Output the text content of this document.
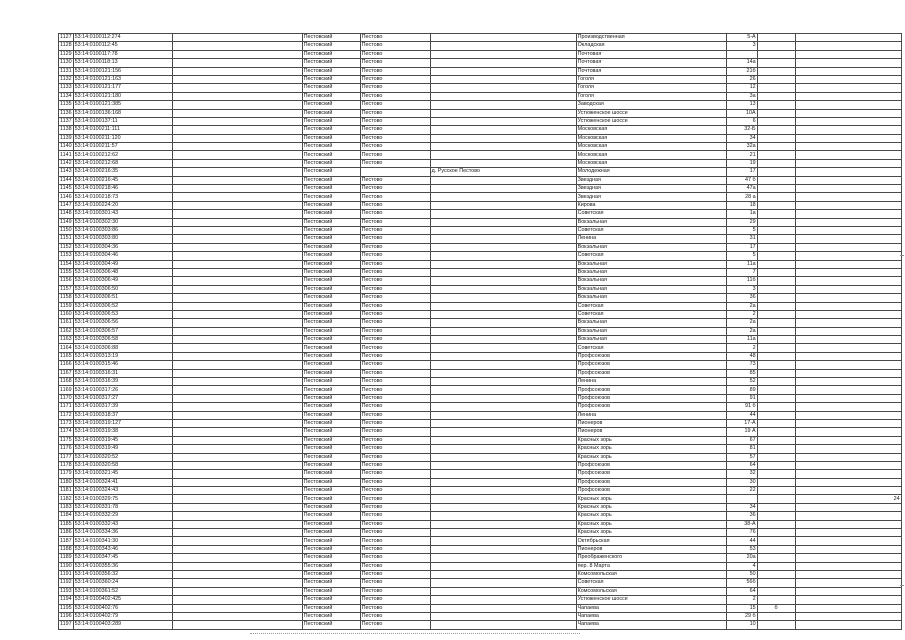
1127	53:14:0100112:274		Пестовский	Пестово		Производственная	5-А		
1128	53:14:0100112:45		Пестовский	Пестово		Окладская	3		
1129	53:14:0100117:78		Пестовский	Пестово		Почтовая			
1130	53:14:0100118:13		Пестовский	Пестово		Почтовая	14а		
1131	53:14:0100121:156		Пестовский	Пестово		Почтовая	21б		
1132	53:14:0100121:163		Пестовский	Пестово		Гоголя	26		
1133	53:14:0100121:177		Пестовский	Пестово		Гоголя	12		
1134	53:14:0100121:180		Пестовский	Пестово		Гоголя	3а		
1135	53:14:0100121:385		Пестовский	Пестово		Заводская	13		
1136	53:14:0100136:168		Пестовский	Пестово		Устюженское шоссе	10А		
1137	53:14:0100137:11		Пестовский	Пестово		Устюженское шоссе	6		
1138	53:14:0100211:111		Пестовский	Пестово		Московская	32-Б		
1139	53:14:0100211:120		Пестовский	Пестово		Московская	34		
1140	53:14:0100211:57		Пестовский	Пестово		Московская	32а		
1141	53:14:0100212:62		Пестовский	Пестово		Московская	21		
1142	53:14:0100212:68		Пестовский	Пестово		Московская	19		
1143	53:14:0100216:35		Пестовский		д. Русское Пестово	Молодежная	17		
1144	53:14:0100216:45		Пестовский	Пестово		Звездная	47 б		
1145	53:14:0100218:46		Пестовский	Пестово		Звездная	47а		
1146	53:14:0100218:73		Пестовский	Пестово		Звездная	28 а		
1147	53:14:0100224:20		Пестовский	Пестово		Кирова	18		
1148	53:14:0100301:43		Пестовский	Пестово		Советская	1а		
1149	53:14:0100302:30		Пестовский	Пестово		Вокзальная	29		
1150	53:14:0100303:86		Пестовский	Пестово		Советская	5		
1151	53:14:0100303:80		Пестовский	Пестово		Ленина	31		
1152	53:14:0100304:36		Пестовский	Пестово		Вокзальная	17		
1153	53:14:0100304:46		Пестовский	Пестово		Советская	5		
1154	53:14:0100304:49		Пестовский	Пестово		Вокзальная	11а		
1155	53:14:0100306:48		Пестовский	Пестово		Вокзальная	7		
1156	53:14:0100306:49		Пестовский	Пестово		Вокзальная	11б		
1157	53:14:0100306:50		Пестовский	Пестово		Вокзальная	3		
1158	53:14:0100306:51		Пестовский	Пестово		Вокзальная	36		
1159	53:14:0100306:52		Пестовский	Пестово		Советская	2а		
1160	53:14:0100306:53		Пестовский	Пестово		Советская	2		
1161	53:14:0100306:56		Пестовский	Пестово		Вокзальная	2а		
1162	53:14:0100306:57		Пестовский	Пестово		Вокзальная	2а		
1163	53:14:0100306:58		Пестовский	Пестово		Вокзальная	11а		
1164	53:14:0100306:88		Пестовский	Пестово		Советская	2		
1165	53:14:0100313:19		Пестовский	Пестово		Профсоюзов	48		
1166	53:14:0100315:46		Пестовский	Пестово		Профсоюзов	73		
1167	53:14:0100316:31		Пестовский	Пестово		Профсоюзов	85		
1168	53:14:0100316:39		Пестовский	Пестово		Ленина	52		
1169	53:14:0100317:26		Пестовский	Пестово		Профсоюзов	89		
1170	53:14:0100317:27		Пестовский	Пестово		Профсоюзов	91		
1171	53:14:0100317:39		Пестовский	Пестово		Профсоюзов	91 б		
1172	53:14:0100318:37		Пестовский	Пестово		Ленина	44		
1173	53:14:0100319:127		Пестовский	Пестово		Пионеров	17-А		
1174	53:14:0100319:38		Пестовский	Пестово		Пионеров	19 А		
1175	53:14:0100319:45		Пестовский	Пестово		Красных зорь	67		
1176	53:14:0100319:49		Пестовский	Пестово		Красных зорь	81		
1177	53:14:0100320:52		Пестовский	Пестово		Красных зорь	57		
1178	53:14:0100320:58		Пестовский	Пестово		Профсоюзов	64		
1179	53:14:0100321:45		Пестовский	Пестово		Профсоюзов	32		
1180	53:14:0100324:41		Пестовский	Пестово		Профсоюзов	30		
1181	53:14:0100324:43		Пестовский	Пестово		Профсоюзов	22		
1182	53:14:0100329:75		Пестовский	Пестово		Красных зорь			24
1183	53:14:0100331:78		Пестовский	Пестово		Красных зорь	34		
1184	53:14:0100332:29		Пестовский	Пестово		Красных зорь	36		
1185	53:14:0100332:43		Пестовский	Пестово		Красных зорь	38-А		
1186	53:14:0100334:36		Пестовский	Пестово		Красных зорь	76		
1187	53:14:0100341:30		Пестовский	Пестово		Октябрьская	44		
1188	53:14:0100343:46		Пестовский	Пестово		Пионеров	53		
1189	53:14:0100347:45		Пестовский	Пестово		Преображенского	20а		
1190	53:14:0100355:36		Пестовский	Пестово		пер. 8 Марта	4		
1191	53:14:0100356:32		Пестовский	Пестово		Комсомольская	50		
1192	53:14:0100360:24		Пестовский	Пестово		Советская	56б		
1193	53:14:0100361:52		Пестовский	Пестово		Комсомольская	64		
1194	53:14:0100402:425		Пестовский	Пестово		Устюженское шоссе	2		
1195	53:14:0100402:76		Пестовский	Пестово		Чапаева	15	б	
1196	53:14:0100402:79		Пестовский	Пестово		Чапаева	29 б		
1197	53:14:0100403:289		Пестовский	Пестово		Чапаева	10		
